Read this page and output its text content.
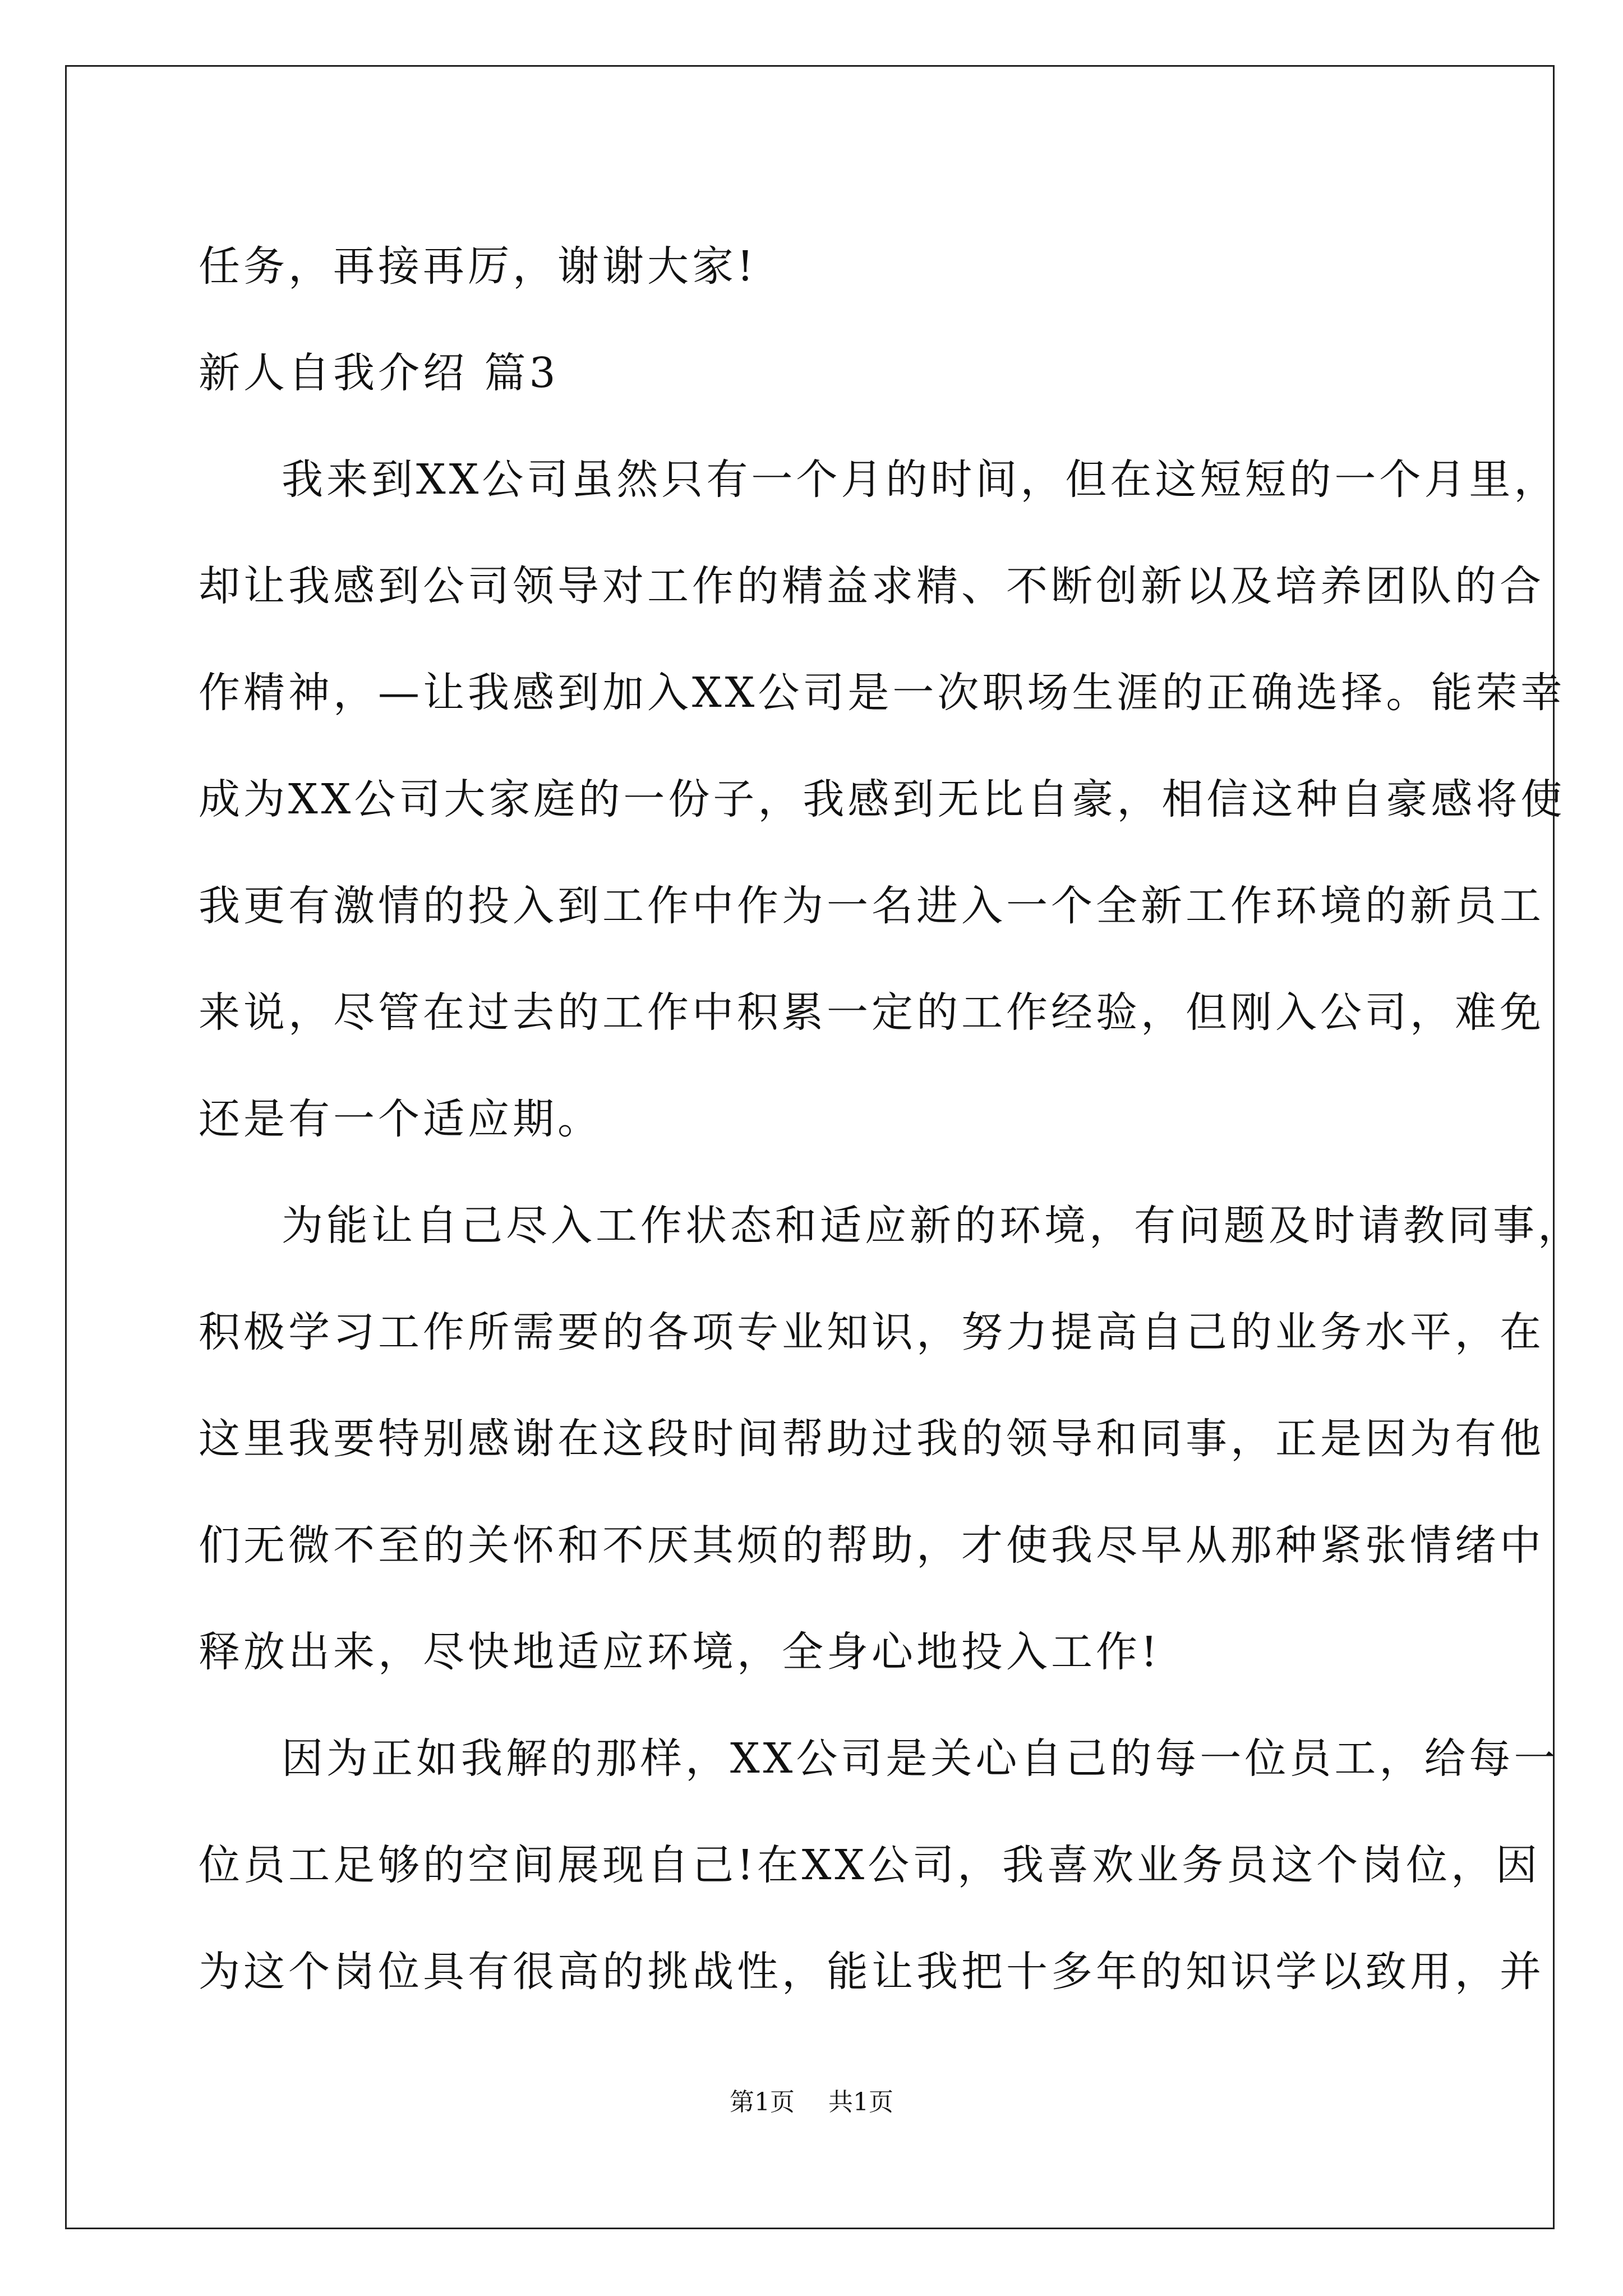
任务，再接再厉，谢谢大家!
新人自我介绍 篇3
我来到XX公司虽然只有一个月的时间，但在这短短的一个月里，
却让我感到公司领导对工作的精益求精、不断创新以及培养团队的合
作精神，—让我感到加入XX公司是一次职场生涯的正确选择。能荣幸
成为XX公司大家庭的一份子，我感到无比自豪，相信这种自豪感将使
我更有激情的投入到工作中作为一名进入一个全新工作环境的新员工
来说，尽管在过去的工作中积累一定的工作经验，但刚入公司，难免
还是有一个适应期。
为能让自己尽入工作状态和适应新的环境，有问题及时请教同事，
积极学习工作所需要的各项专业知识，努力提高自己的业务水平，在
这里我要特别感谢在这段时间帮助过我的领导和同事，正是因为有他
们无微不至的关怀和不厌其烦的帮助，才使我尽早从那种紧张情绪中
释放出来，尽快地适应环境，全身心地投入工作!
因为正如我解的那样，XX公司是关心自己的每一位员工，给每一
位员工足够的空间展现自己!在XX公司，我喜欢业务员这个岗位，因
为这个岗位具有很高的挑战性，能让我把十多年的知识学以致用，并
第1页 共1页
